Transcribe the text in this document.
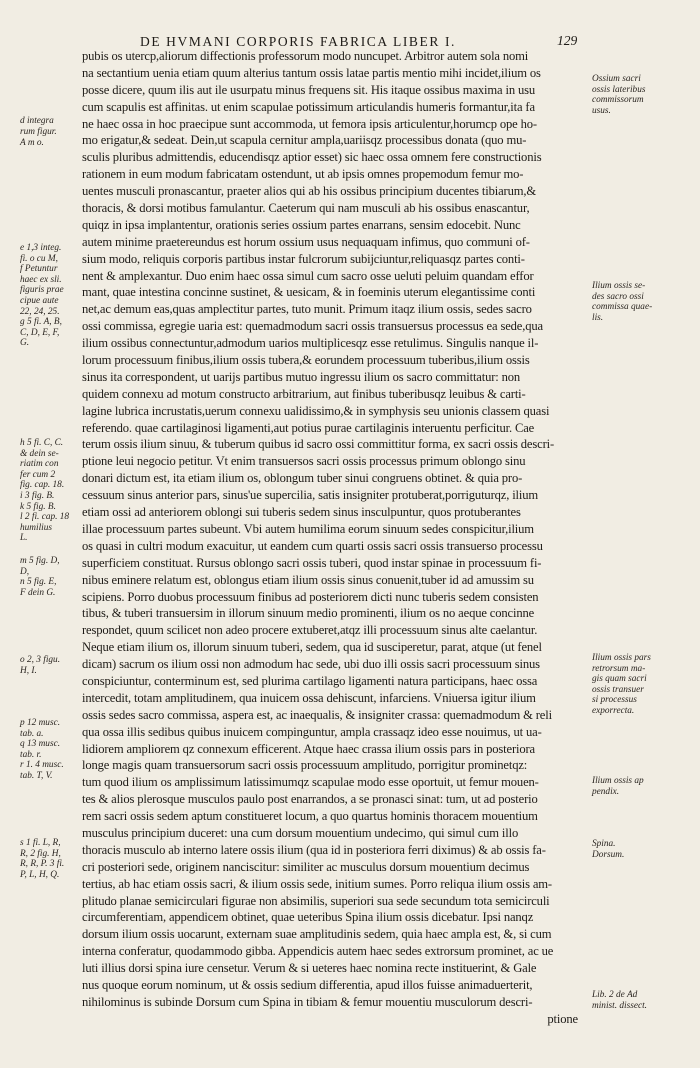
DE HVMANI CORPORIS FABRICA LIBER I.	129
pubis os utercp,aliorum diffectionis professorum modo nuncupet. Arbitror autem sola nomi
na sectantium uenia etiam quum alterius tantum ossis latae partis mentio mihi incidet,ilium os
posse dicere, quum ilis aut ile usurpatu minus frequens sit. His itaque ossibus maxima in usu
cum scapulis est affinitas. ut enim scapulae potissimum articulandis humeris formantur,ita fa
ne haec ossa in hoc praecipue sunt accommoda, ut femora ipsis articulentur,horumcp ope ho-
mo erigatur,& sedeat. Dein,ut scapula cernitur ampla,uariisqz processibus donata (quo mu-
sculis pluribus admittendis, educendisqz aptior esset) sic haec ossa omnem fere constructionis
rationem in eum modum fabricatam ostendunt, ut ab ipsis omnes propemodum femur mo-
uentes musculi pronascantur, praeter alios qui ab his ossibus principium ducentes tibiarum,&
thoracis, & dorsi motibus famulantur. Caeterum qui nam musculi ab his ossibus enascantur,
quiqz in ipsa implantentur, orationis series ossium partes enarrans, sensim edocebit. Nunc
autem minime praetereundus est horum ossium usus nequaquam infimus, quo communi of-
sium modo, reliquis corporis partibus instar fulcrorum subijciuntur,reliquasqz partes conti-
nent & amplexantur. Duo enim haec ossa simul cum sacro osse ueluti peluim quandam effor
mant, quae intestina concinne sustinet, & uesicam, & in foeminis uterum elegantissime conti
net,ac demum eas,quas amplectitur partes, tuto munit. Primum itaqz ilium ossis, sedes sacro
ossi commissa, egregie uaria est: quemadmodum sacri ossis transuersus processus ea sede,qua
ilium ossibus connectuntur,admodum uarios multiplicesqz esse retulimus. Singulis nanque il-
lorum processuum finibus,ilium ossis tubera,& eorundem processuum tuberibus,ilium ossis
sinus ita correspondent, ut uarijs partibus mutuo ingressu ilium os sacro committatur: non
quidem connexu ad motum constructo arbitrarium, aut finibus tuberibusqz leuibus & carti-
lagine lubrica incrustatis,uerum connexu ualidissimo,& in symphysis seu unionis classem quasi
referendo. quae cartilaginosi ligamenti,aut potius purae cartilaginis interuentu perficitur. Cae
terum ossis ilium sinuu, & tuberum quibus id sacro ossi committitur forma, ex sacri ossis descri-
ptione leui negocio petitur. Vt enim transuersos sacri ossis processus primum oblongo sinu
donari dictum est, ita etiam ilium os, oblongum tuber sinui congruens obtinet. & quia pro-
cessuum sinus anterior pars, sinus'ue supercilia, satis insigniter protuberat,porriguturqz, ilium
etiam ossi ad anteriorem oblongi sui tuberis sedem sinus insculpuntur, quos protuberantes
illae processuum partes subeunt. Vbi autem humilima eorum sinuum sedes conspicitur,ilium
os quasi in cultri modum exacuitur, ut eandem cum quarti ossis sacri ossis transuerso processu
superficiem constituat. Rursus oblongo sacri ossis tuberi, quod instar spinae in processuum fi-
nibus eminere relatum est, oblongus etiam ilium ossis sinus conuenit,tuber id ad amussim su
scipiens. Porro duobus processuum finibus ad posteriorem dicti nunc tuberis sedem consisten
tibus, & tuberi transuersim in illorum sinuum medio prominenti, ilium os no aeque concinne
respondet, quum scilicet non adeo procere extuberet,atqz illi processuum sinus alte caelantur.
Neque etiam ilium os, illorum sinuum tuberi, sedem, qua id susciperetur, parat, atque (ut fenel
dicam) sacrum os ilium ossi non admodum hac sede, ubi duo illi ossis sacri processuum sinus
conspiciuntur, conterminum est, sed plurima cartilago ligamenti natura participans, haec ossa
intercedit, totam amplitudinem, qua inuicem ossa dehiscunt, infarciens. Vniuersa igitur ilium
ossis sedes sacro commissa, aspera est, ac inaequalis, & insigniter crassa: quemadmodum & reli
qua ossa illis sedibus quibus inuicem compinguntur, ampla crassaqz ideo esse nouimus, ut ua-
lidiorem ampliorem qz connexum efficerent. Atque haec crassa ilium ossis pars in posteriora
longe magis quam transuersorum sacri ossis processuum amplitudo, porrigitur prominetqz:
tum quod ilium os amplissimum latissimumqz scapulae modo esse oportuit, ut femur mouen-
tes & alios plerosque musculos paulo post enarrandos, a se pronasci sinat: tum, ut ad posterio
rem sacri ossis sedem aptum constitueret locum, a quo quartus hominis thoracem mouentium
musculus principium duceret: una cum dorsum mouentium undecimo, qui simul cum illo
thoracis musculo ab interno latere ossis ilium (qua id in posteriora ferri diximus) & ab ossis fa-
cri posteriori sede, originem nanciscitur: similiter ac musculus dorsum mouentium decimus
tertius, ab hac etiam ossis sacri, & ilium ossis sede, initium sumes. Porro reliqua ilium ossis am-
plitudo planae semicirculari figurae non absimilis, superiori sua sede secundum tota semicirculi
circumferentiam, appendicem obtinet, quae ueteribus Spina ilium ossis dicebatur. Ipsi nanqz
dorsum ilium ossis uocarunt, externam suae amplitudinis sedem, quia haec ampla est, &, si cum
interna conferatur, quodammodo gibba. Appendicis autem haec sedes extrorsum prominet, ac ue
luti illius dorsi spina iure censetur. Verum & si ueteres haec nomina recte instituerint, & Gale
nus quoque eorum nominum, ut & ossis sedium differentia, apud illos fuisse animaduerterit,
nihilominus is subinde Dorsum cum Spina in tibiam & femur mouentiu musculorum descri-
ptione
d integra
rum figur.
A m o.
e 1,3 integ.
fi. o cu M,
f Petuntur
haec ex sli.
figuris prae
cipue aute
22, 24, 25.
g 5 fi. A, B,
C, D, E, F,
G.
h 5 fi. C, C.
& dein se-
riatim con
fer cum 2
fig. cap. 18.
i 3 fig. B.
k 5 fig. B.
l 2 fi. cap. 18
humilius
L.
m 5 fig. D,
D,
n 5 fig. E,
F dein G.
o 2, 3 figu.
H, I.
p 12 musc.
tab. a.
q 13 musc.
tab. r.
r 1. 4 musc.
tab. T, V.
s 1 fi. L, R,
R, 2 fig. H,
R, R, P. 3 fi.
P, L, H, Q.
Ossium sacri
ossis lateribus
commissorum
usus.
Ilium ossis se-
des sacro ossi
commissa quae-
lis.
Ilium ossis pars
retrorsum ma-
gis quam sacri
ossis transuer
si processus
exporrecta.
Ilium ossis ap
pendix.
Spina.
Dorsum.
Lib. 2 de Ad
minist. dissect.
